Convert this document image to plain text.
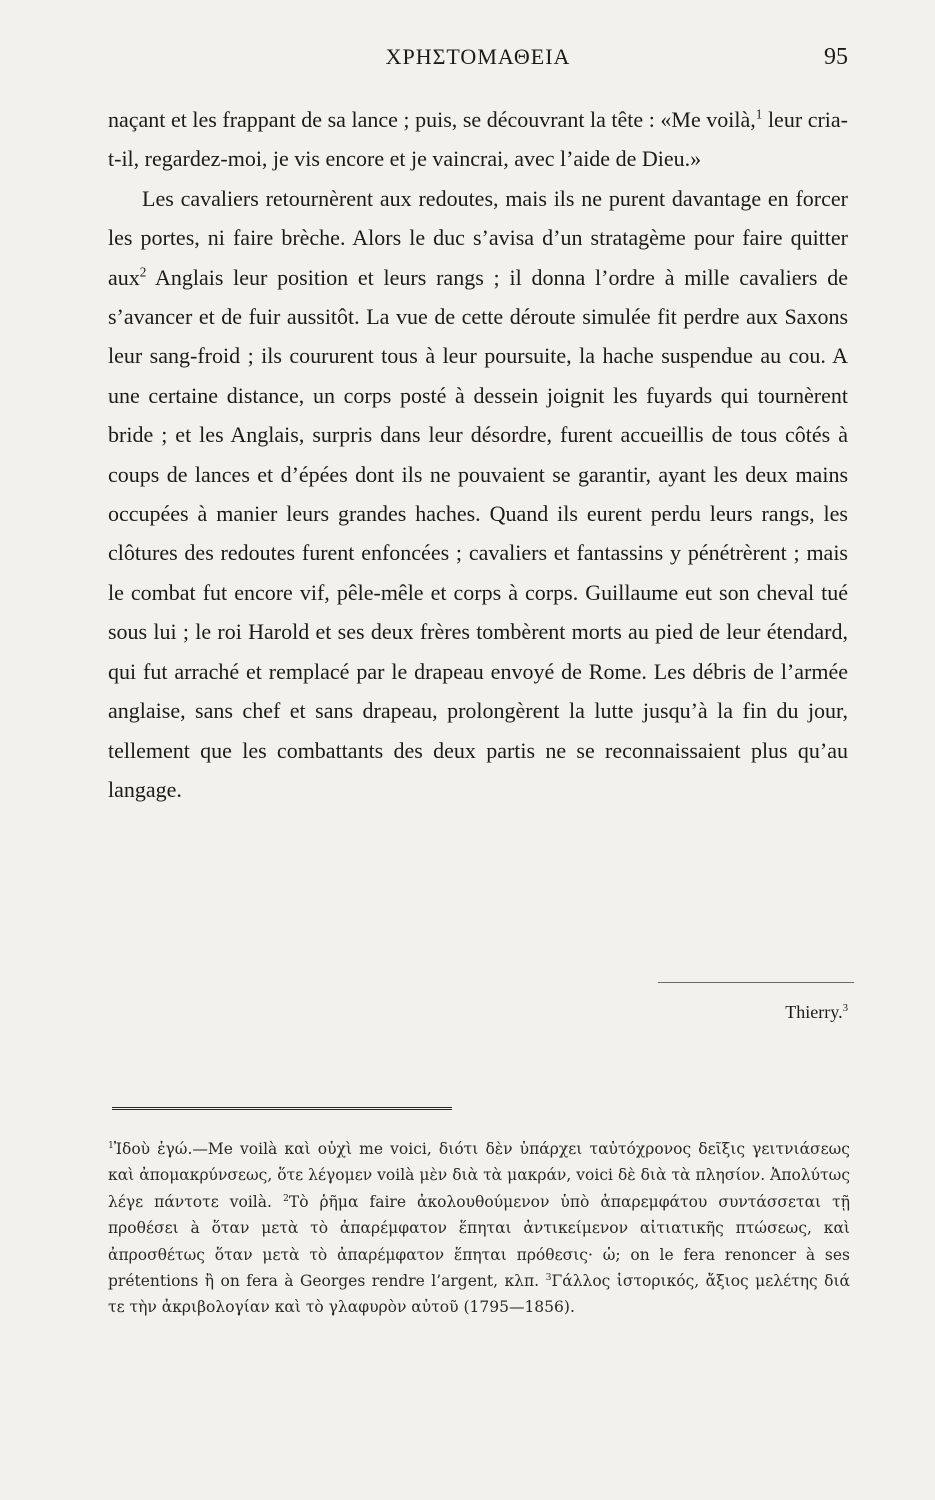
ΧΡΗΣΤΟΜΑΘΕΙΑ	95

naçant et les frappant de sa lance ; puis, se découvrant la tête : «Me voilà,$^1$ leur cria-t-il, regardez-moi, je vis encore et je vaincrai, avec l’aide de Dieu.»

Les cavaliers retournèrent aux redoutes, mais ils ne purent davantage en forcer les portes, ni faire brèche. Alors le duc s’avisa d’un stratagème pour faire quitter aux$^2$ Anglais leur position et leurs rangs ; il donna l’ordre à mille cavaliers de s’avancer et de fuir aussitôt. La vue de cette déroute simulée fit perdre aux Saxons leur sang-froid ; ils coururent tous à leur poursuite, la hache suspendue au cou. A une certaine distance, un corps posté à dessein joignit les fuyards qui tournèrent bride ; et les Anglais, surpris dans leur désordre, furent accueillis de tous côtés à coups de lances et d’épées dont ils ne pouvaient se garantir, ayant les deux mains occupées à manier leurs grandes haches. Quand ils eurent perdu leurs rangs, les clôtures des redoutes furent enfoncées ; cavaliers et fantassins y pénétrèrent ; mais le combat fut encore vif, pêle-mêle et corps à corps. Guillaume eut son cheval tué sous lui ; le roi Harold et ses deux frères tombèrent morts au pied de leur étendard, qui fut arraché et remplacé par le drapeau envoyé de Rome. Les débris de l’armée anglaise, sans chef et sans drapeau, prolongèrent la lutte jusqu’à la fin du jour, tellement que les combattants des deux partis ne se reconnaissaient plus qu’au langage.

Thierry.$^3$
$^1$Ἰδοὺ ἐγώ.—Me voilà καὶ οὐχὶ me voici, διότι δὲν ὑπάρχει ταὐτόχρονος δεῖξις γειτνιάσεως καὶ ἀπομακρύνσεως, ὅτε λέγομεν voilà μὲν διὰ τὰ μακράν, voici δὲ διὰ τὰ πλησίον. Ἀπολύτως λέγε πάντοτε voilà. $^2$Τὸ ῥῆμα faire ἀκολουθούμενον ὑπὸ ἀπαρεμφάτου συντάσσεται τῇ προθέσει à ὅταν μετὰ τὸ ἀπαρέμφατον ἕπηται ἀντικείμενον αἰτιατικῆς πτώσεως, καὶ ἀπροσθέτως ὅταν μετὰ τὸ ἀπαρέμφατον ἕπηται πρόθεσις· ὡ; on le fera renoncer à ses prétentions ἢ on fera à Georges rendre l’argent, κλπ. $^3$Γάλλος ἱστορικός, ἄξιος μελέτης διά τε τὴν ἀκριβολογίαν καὶ τὸ γλαφυρὸν αὐτοῦ (1795—1856).
